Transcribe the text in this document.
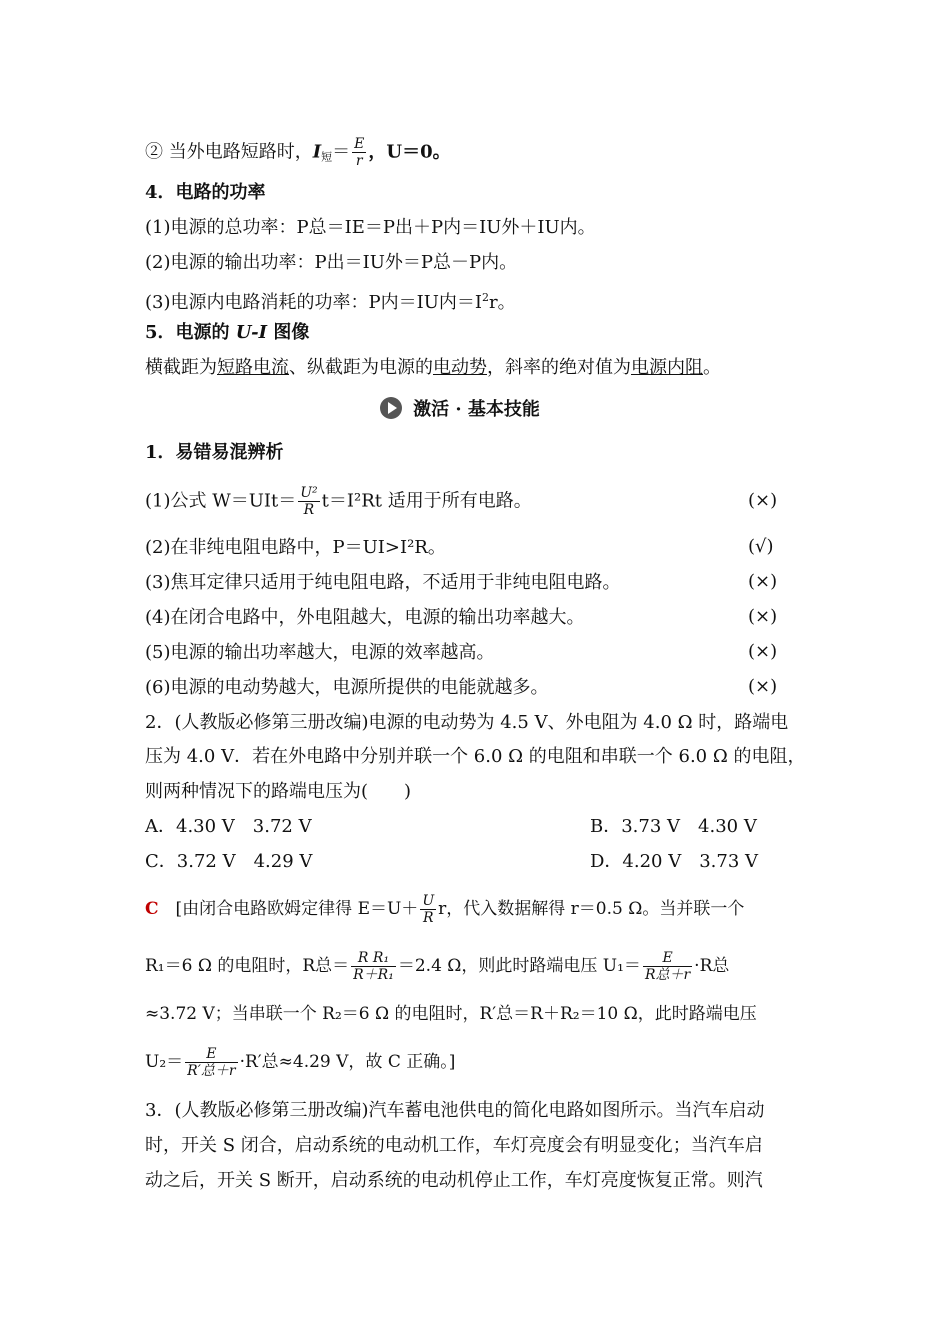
② 当外电路短路时，$I_短= \frac{E}{r}$ ，U＝0。
4．电路的功率
(1)电源的总功率：P总＝IE＝P出＋P内＝IU外＋IU内。
(2)电源的输出功率：P出＝IU外＝P总－P内。
(3)电源内电路消耗的功率：P内＝IU内$=I^2r$。
5．电源的 U-I 图像
横截距为短路电流、纵截距为电源的电动势，斜率的绝对值为电源内阻。
激活 · 基本技能
1．易错易混辨析
(1)公式 $W=UIt= \frac{\text{U²}}{R} t=I^2Rt$ 适用于所有电路。	(×)
(2)在非纯电阻电路中，P＝UI>I²R。	(√)
(3)焦耳定律只适用于纯电阻电路，不适用于非纯电阻电路。	(×)
(4)在闭合电路中，外电阻越大，电源的输出功率越大。	(×)
(5)电源的输出功率越大，电源的效率越高。	(×)
(6)电源的电动势越大，电源所提供的电能就越多。	(×)
2．(人教版必修第三册改编)电源的电动势为 4.5 V、外电阻为 4.0 Ω 时，路端电
压为 4.0 V．若在外电路中分别并联一个 6.0 Ω 的电阻和串联一个 6.0 Ω 的电阻，
则两种情况下的路端电压为(　　)
A．4.30 V　3.72 V	B．3.73 V　4.30 V
C．3.72 V　4.29 V	D．4.20 V　3.73 V
C　 [由闭合电路欧姆定律得 $E=U+ \frac{U}{R}$ r，代入数据解得 r＝0.5 Ω。当并联一个
R₁＝6 Ω 的电阻时，R总＝ $\frac{\text{R R₁}}{\text{R＋R₁}} =2.4$ Ω，则此时路端电压 $U_1= \frac{E}{\text{R总＋r}} \cdot R$总
≈3.72 V；当串联一个 R₂＝6 Ω 的电阻时，R′总＝R＋R₂＝10 Ω，此时路端电压
$U_2= \frac{E}{\text{R′总＋r}} \cdot R'$总≈4.29 V，故 C 正确。]
3．(人教版必修第三册改编)汽车蓄电池供电的简化电路如图所示。当汽车启动
时，开关 S 闭合，启动系统的电动机工作，车灯亮度会有明显变化；当汽车启
动之后，开关 S 断开，启动系统的电动机停止工作，车灯亮度恢复正常。则汽
